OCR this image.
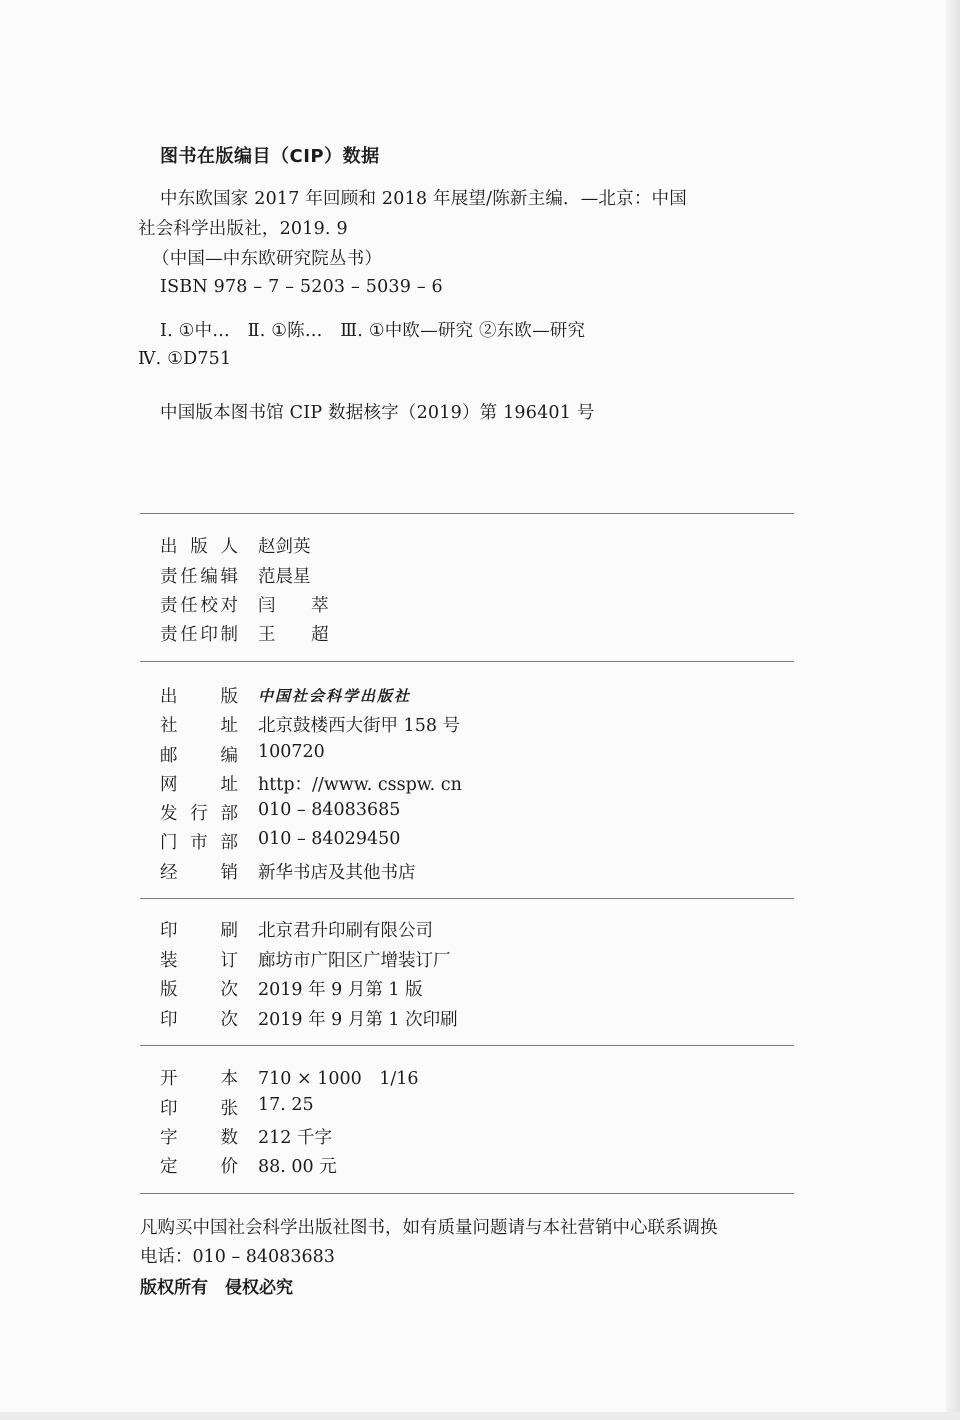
图书在版编目（CIP）数据
中东欧国家 2017 年回顾和 2018 年展望/陈新主编．—北京：中国
社会科学出版社，2019. 9
（中国—中东欧研究院丛书）
ISBN 978 – 7 – 5203 – 5039 – 6
Ⅰ. ①中…　Ⅱ. ①陈…　Ⅲ. ①中欧—研究 ②东欧—研究
Ⅳ. ①D751
中国版本图书馆 CIP 数据核字（2019）第 196401 号
出 版 人 赵剑英
责任编辑 范晨星
责任校对 闫 萃
责任印制 王 超
出　　版 中国社会科学出版社
社　　址 北京鼓楼西大街甲 158 号
邮　　编 100720
网　　址 http：//www. csspw. cn
发 行 部 010 – 84083685
门 市 部 010 – 84029450
经　　销 新华书店及其他书店
印　　刷 北京君升印刷有限公司
装　　订 廊坊市广阳区广增装订厂
版　　次 2019 年 9 月第 1 版
印　　次 2019 年 9 月第 1 次印刷
开　　本 710 × 1000　1/16
印　　张 17. 25
字　　数 212 千字
定　　价 88. 00 元
凡购买中国社会科学出版社图书，如有质量问题请与本社营销中心联系调换
电话：010 – 84083683
版权所有　侵权必究
